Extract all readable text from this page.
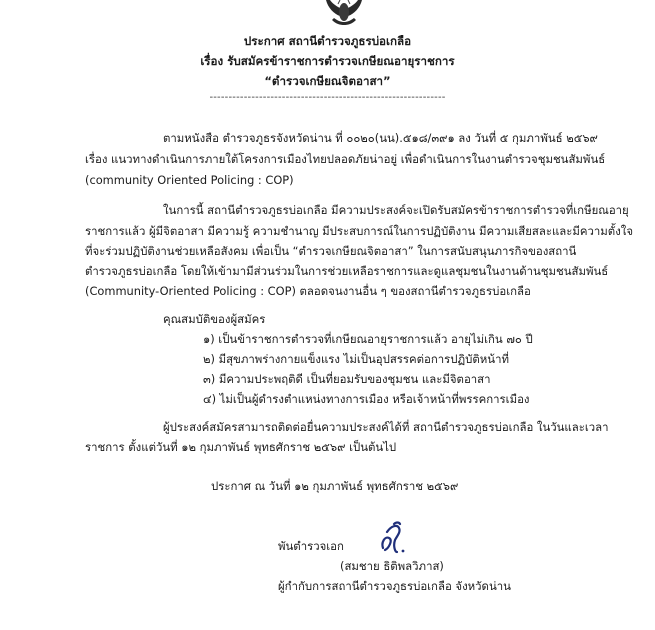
ประกาศ สถานีตำรวจภูธรบ่อเกลือ
เรื่อง รับสมัครข้าราชการตำรวจเกษียณอายุราชการ
“ตำรวจเกษียณจิตอาสา”
--------------------------------------------------------------
ตามหนังสือ ตำรวจภูธรจังหวัดน่าน ที่ ๐๐๒๐(นน).๕๑๘/๓๙๑ ลง วันที่ ๕ กุมภาพันธ์ ๒๕๖๙
เรื่อง แนวทางดำเนินการภายใต้โครงการเมืองไทยปลอดภัยน่าอยู่ เพื่อดำเนินการในงานตำรวจชุมชนสัมพันธ์
(community Oriented Policing : COP)
ในการนี้ สถานีตำรวจภูธรบ่อเกลือ มีความประสงค์จะเปิดรับสมัครข้าราชการตำรวจที่เกษียณอายุ
ราชการแล้ว ผู้มีจิตอาสา มีความรู้ ความชำนาญ มีประสบการณ์ในการปฏิบัติงาน มีความเสียสละและมีความตั้งใจ
ที่จะร่วมปฏิบัติงานช่วยเหลือสังคม เพื่อเป็น “ตำรวจเกษียณจิตอาสา” ในการสนับสนุนภารกิจของสถานี
ตำรวจภูธรบ่อเกลือ โดยให้เข้ามามีส่วนร่วมในการช่วยเหลือราชการและดูแลชุมชนในงานด้านชุมชนสัมพันธ์
(Community-Oriented Policing : COP) ตลอดจนงานอื่น ๆ ของสถานีตำรวจภูธรบ่อเกลือ
คุณสมบัติของผู้สมัคร
๑) เป็นข้าราชการตำรวจที่เกษียณอายุราชการแล้ว อายุไม่เกิน ๗๐ ปี
๒) มีสุขภาพร่างกายแข็งแรง ไม่เป็นอุปสรรคต่อการปฏิบัติหน้าที่
๓) มีความประพฤติดี เป็นที่ยอมรับของชุมชน และมีจิตอาสา
๔) ไม่เป็นผู้ดำรงตำแหน่งทางการเมือง หรือเจ้าหน้าที่พรรคการเมือง
ผู้ประสงค์สมัครสามารถติดต่อยื่นความประสงค์ได้ที่ สถานีตำรวจภูธรบ่อเกลือ ในวันและเวลา
ราชการ ตั้งแต่วันที่ ๑๒ กุมภาพันธ์ พุทธศักราช ๒๕๖๙ เป็นต้นไป
ประกาศ ณ วันที่ ๑๒ กุมภาพันธ์ พุทธศักราช ๒๕๖๙
พันตำรวจเอก
(สมชาย ธิติพลวิภาส)
ผู้กำกับการสถานีตำรวจภูธรบ่อเกลือ จังหวัดน่าน
